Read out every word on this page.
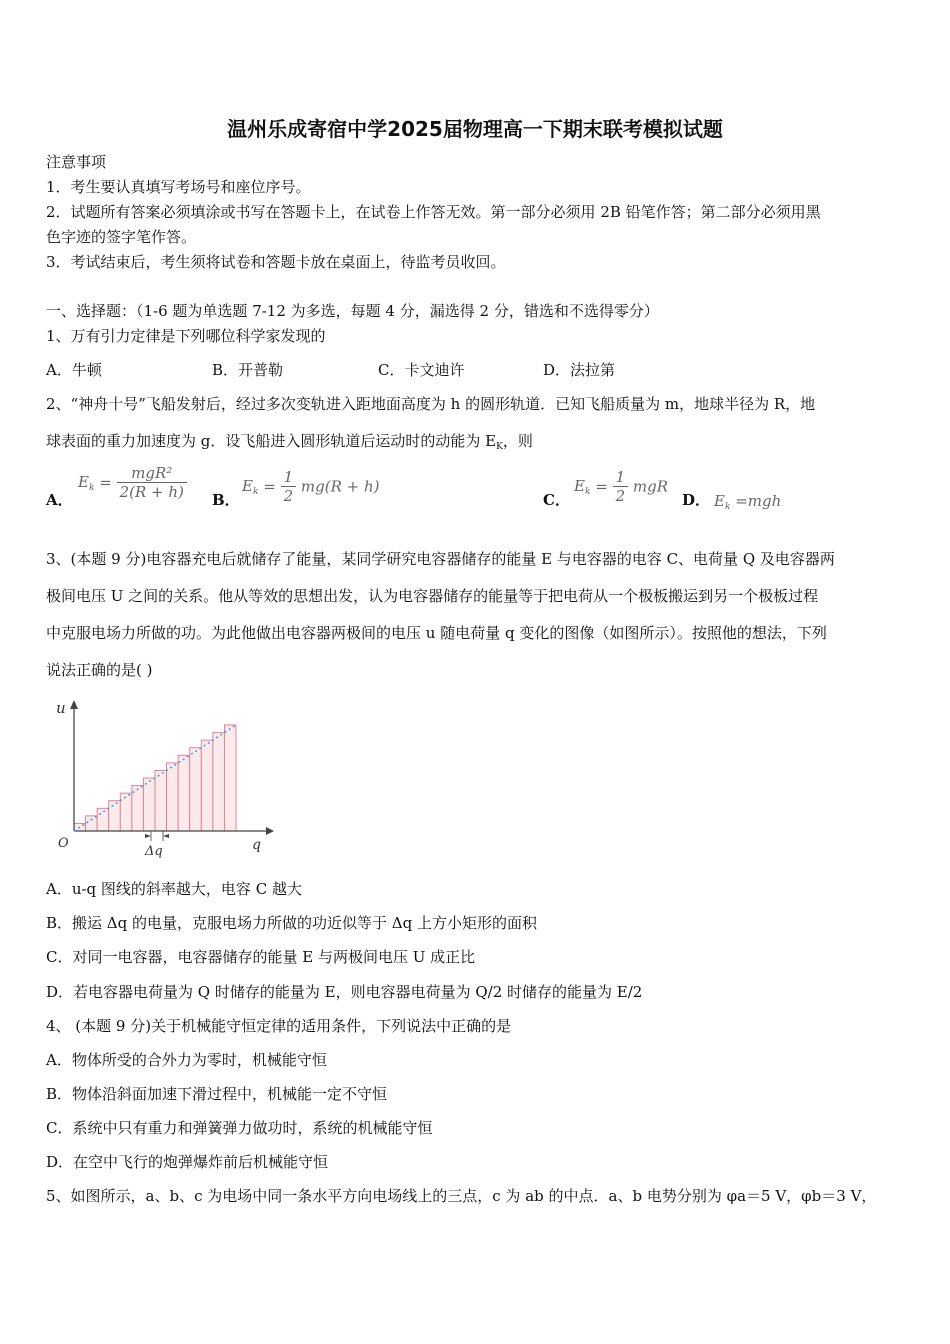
温州乐成寄宿中学2025届物理高一下期末联考模拟试题
注意事项
1．考生要认真填写考场号和座位序号。
2．试题所有答案必须填涂或书写在答题卡上，在试卷上作答无效。第一部分必须用 2B 铅笔作答；第二部分必须用黑
色字迹的签字笔作答。
3．考试结束后，考生须将试卷和答题卡放在桌面上，待监考员收回。
一、选择题：（1-6 题为单选题 7-12 为多选，每题 4 分，漏选得 2 分，错选和不选得零分）
1、万有引力定律是下列哪位科学家发现的
A．牛顿	B．开普勒	C．卡文迪许	D．法拉第
2、“神舟十号”飞船发射后，经过多次变轨进入距地面高度为 h 的圆形轨道．已知飞船质量为 m，地球半径为 R，地
球表面的重力加速度为 g．设飞船进入圆形轨道后运动时的动能为 $E_K$，则
A．
$E_k = \frac{\text{mgR²}}{2(R + h)}$ B．
$E_k = \frac{1}{2} mg(R + h)$
C．
$E_k = \frac{1}{2}$ mgR
D． $E_k =mgh$
3、(本题 9 分)电容器充电后就储存了能量，某同学研究电容器储存的能量 E 与电容器的电容 C、电荷量 Q 及电容器两
极间电压 U 之间的关系。他从等效的思想出发，认为电容器储存的能量等于把电荷从一个极板搬运到另一个极板过程
中克服电场力所做的功。为此他做出电容器两极间的电压 u 随电荷量 q 变化的图像（如图所示）。按照他的想法，下列
说法正确的是( )
u
O	q
Δq
A．u-q 图线的斜率越大，电容 C 越大
B．搬运 Δq 的电量，克服电场力所做的功近似等于 Δq 上方小矩形的面积
C．对同一电容器，电容器储存的能量 E 与两极间电压 U 成正比
D．若电容器电荷量为 Q 时储存的能量为 E，则电容器电荷量为 Q/2 时储存的能量为 E/2
4、 (本题 9 分)关于机械能守恒定律的适用条件，下列说法中正确的是
A．物体所受的合外力为零时，机械能守恒
B．物体沿斜面加速下滑过程中，机械能一定不守恒
C．系统中只有重力和弹簧弹力做功时，系统的机械能守恒
D．在空中飞行的炮弹爆炸前后机械能守恒
5、如图所示，a、b、c 为电场中同一条水平方向电场线上的三点，c 为 ab 的中点．a、b 电势分别为 φa＝5 V，φb＝3 V，
